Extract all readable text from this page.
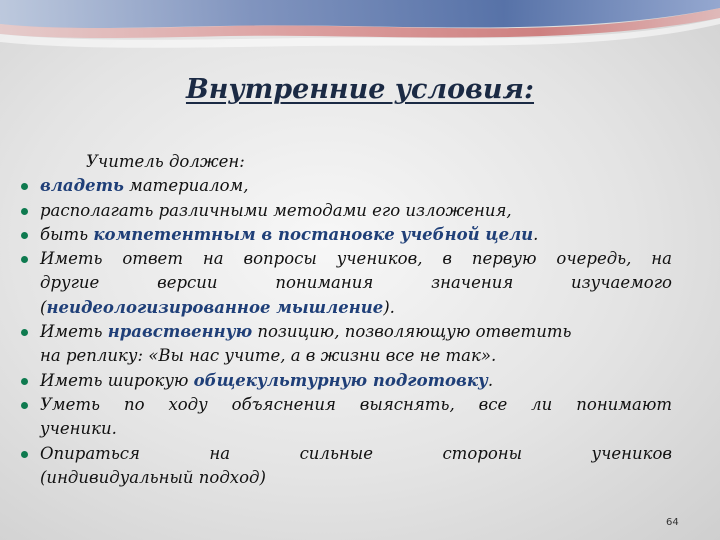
Внутренние условия:
Учитель должен:
владеть материалом,
располагать различными методами его изложения,
быть компетентным в постановке учебной цели.
Иметь ответ на вопросы учеников, в первую очередь, на
другие версии понимания значения изучаемого
(неидеологизированное мышление).
Иметь нравственную позицию, позволяющую ответить
на реплику: «Вы нас учите, а в жизни все не так».
Иметь широкую общекультурную подготовку.
Уметь по ходу объяснения выяснять, все ли понимают
ученики.
Опираться на сильные стороны учеников
(индивидуальный подход)
64
